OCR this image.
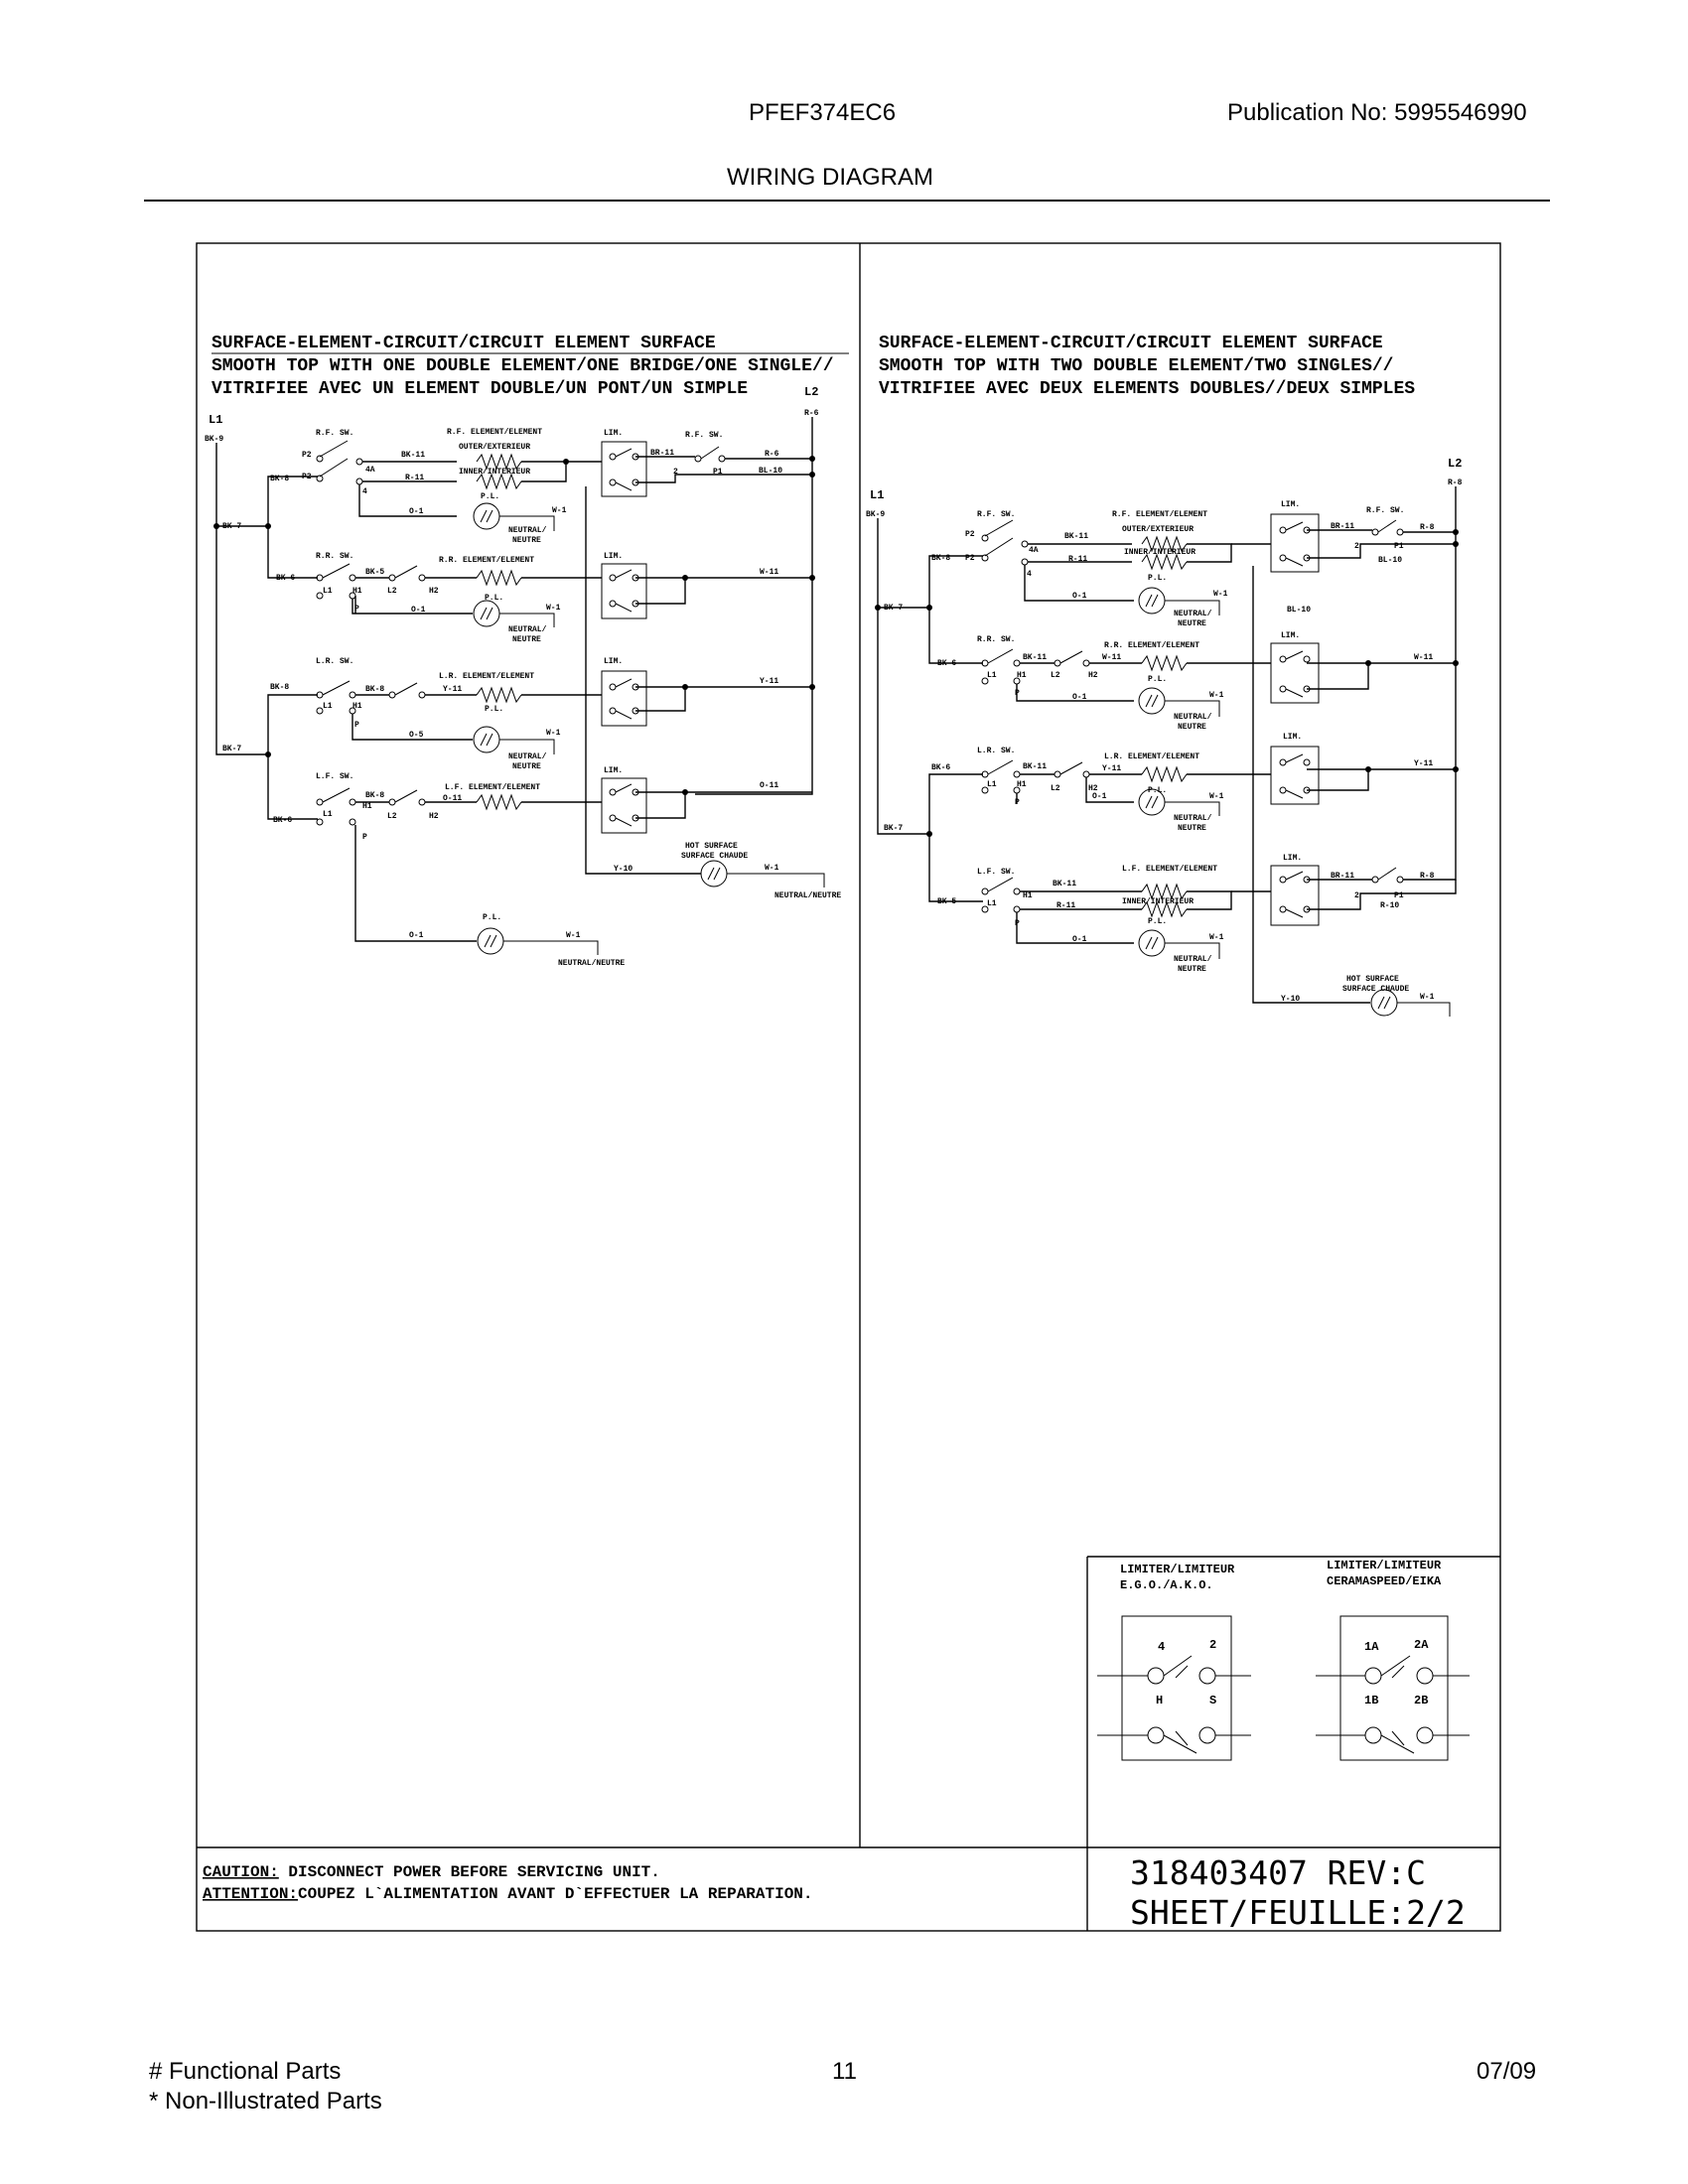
PFEF374EC6	Publication No: 5995546990
WIRING DIAGRAM
SURFACE-ELEMENT-CIRCUIT/CIRCUIT ELEMENT SURFACE
SMOOTH TOP WITH ONE DOUBLE ELEMENT/ONE BRIDGE/ONE SINGLE//
VITRIFIEE AVEC UN ELEMENT DOUBLE/UN PONT/UN SIMPLE
SURFACE-ELEMENT-CIRCUIT/CIRCUIT ELEMENT SURFACE
SMOOTH TOP WITH TWO DOUBLE ELEMENT/TWO SINGLES//
VITRIFIEE AVEC DEUX ELEMENTS DOUBLES//DEUX SIMPLES
L1
BK-9
L2
R-6
BK-7
BK-7
BK-8
BK-6
BK-8
BK-6
R.F. SW.
P2
P2
4A
4
BK-11
R-11
O-1
R.F. ELEMENT/ELEMENT
OUTER/EXTERIEUR
INNER/INTERIEUR
P.L.
W-1
NEUTRAL/
NEUTRE
LIM.
BR-11
2
R.F. SW.
P1
R-6
BL-10
R.R. SW.
L1	H1
P
BK-5
L2	H2
R.R. ELEMENT/ELEMENT
P.L.
O-1	W-1
NEUTRAL/
NEUTRE
LIM.
W-11
L.R. SW.
L1	H1
P
BK-8
L.R. ELEMENT/ELEMENT
Y-11
P.L.
O-5	W-1
NEUTRAL/
NEUTRE
LIM.
Y-11
L.F. SW.
L1
H1
P
BK-8
L2	H2
L.F. ELEMENT/ELEMENT
O-11
LIM.
O-11
HOT SURFACE
SURFACE CHAUDE
Y-10	W-1
NEUTRAL/NEUTRE
O-1
P.L.
W-1
NEUTRAL/NEUTRE
L1
BK-9
L2
R-8
BK-7
BK-7
BK-8
BK-6
BK-6
BK-5
R.F. SW.
P2
P2
4A
4
BK-11
R-11
O-1
R.F. ELEMENT/ELEMENT
OUTER/EXTERIEUR
INNER/INTERIEUR
P.L.
W-1
NEUTRAL/
NEUTRE
LIM.
BR-11
2
R.F. SW.
P1
R-8
BL-10
BL-10
R.R. SW.
L1	H1
P
BK-11
L2	H2
R.R. ELEMENT/ELEMENT
W-11
P.L.
O-1	W-1
NEUTRAL/
NEUTRE
LIM.
W-11
L.R. SW.
L1	H1
P
BK-11
L2	H2
L.R. ELEMENT/ELEMENT
Y-11
P.L.
O-1	W-1
NEUTRAL/
NEUTRE
LIM.
Y-11
L.F. SW.
L1
H1
P
BK-11
R-11
L.F. ELEMENT/ELEMENT
INNER/INTERIEUR
P.L.
O-1	W-1
NEUTRAL/
NEUTRE
LIM.
BR-11
2	P1
R-8
R-10
HOT SURFACE
SURFACE CHAUDE
Y-10	W-1
LIMITER/LIMITEUR
E.G.O./A.K.O.
LIMITER/LIMITEUR
CERAMASPEED/EIKA
4	2
H	S
1A	2A
1B	2B
CAUTION: DISCONNECT POWER BEFORE SERVICING UNIT.
ATTENTION:COUPEZ L`ALIMENTATION AVANT D`EFFECTUER LA REPARATION.
318403407 REV:C
SHEET/FEUILLE:2/2
# Functional Parts
* Non-Illustrated Parts
11	07/09
